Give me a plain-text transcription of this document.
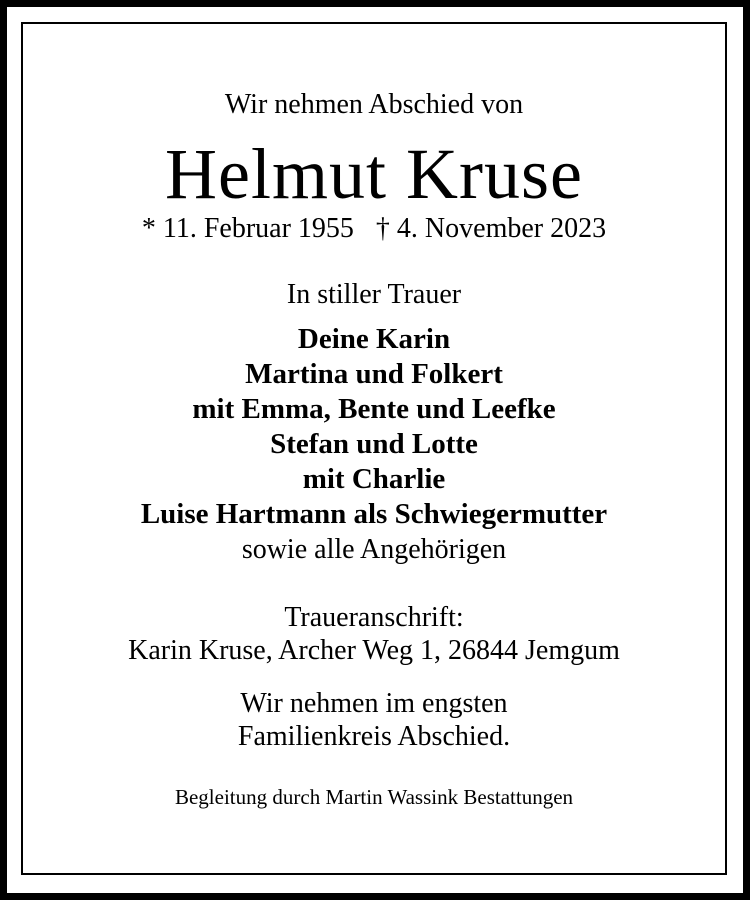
Wir nehmen Abschied von
Helmut Kruse
* 11. Februar 1955 † 4. November 2023
In stiller Trauer
Deine Karin
Martina und Folkert
mit Emma, Bente und Leefke
Stefan und Lotte
mit Charlie
Luise Hartmann als Schwiegermutter
sowie alle Angehörigen
Traueranschrift:
Karin Kruse, Archer Weg 1, 26844 Jemgum
Wir nehmen im engsten
Familienkreis Abschied.
Begleitung durch Martin Wassink Bestattungen
